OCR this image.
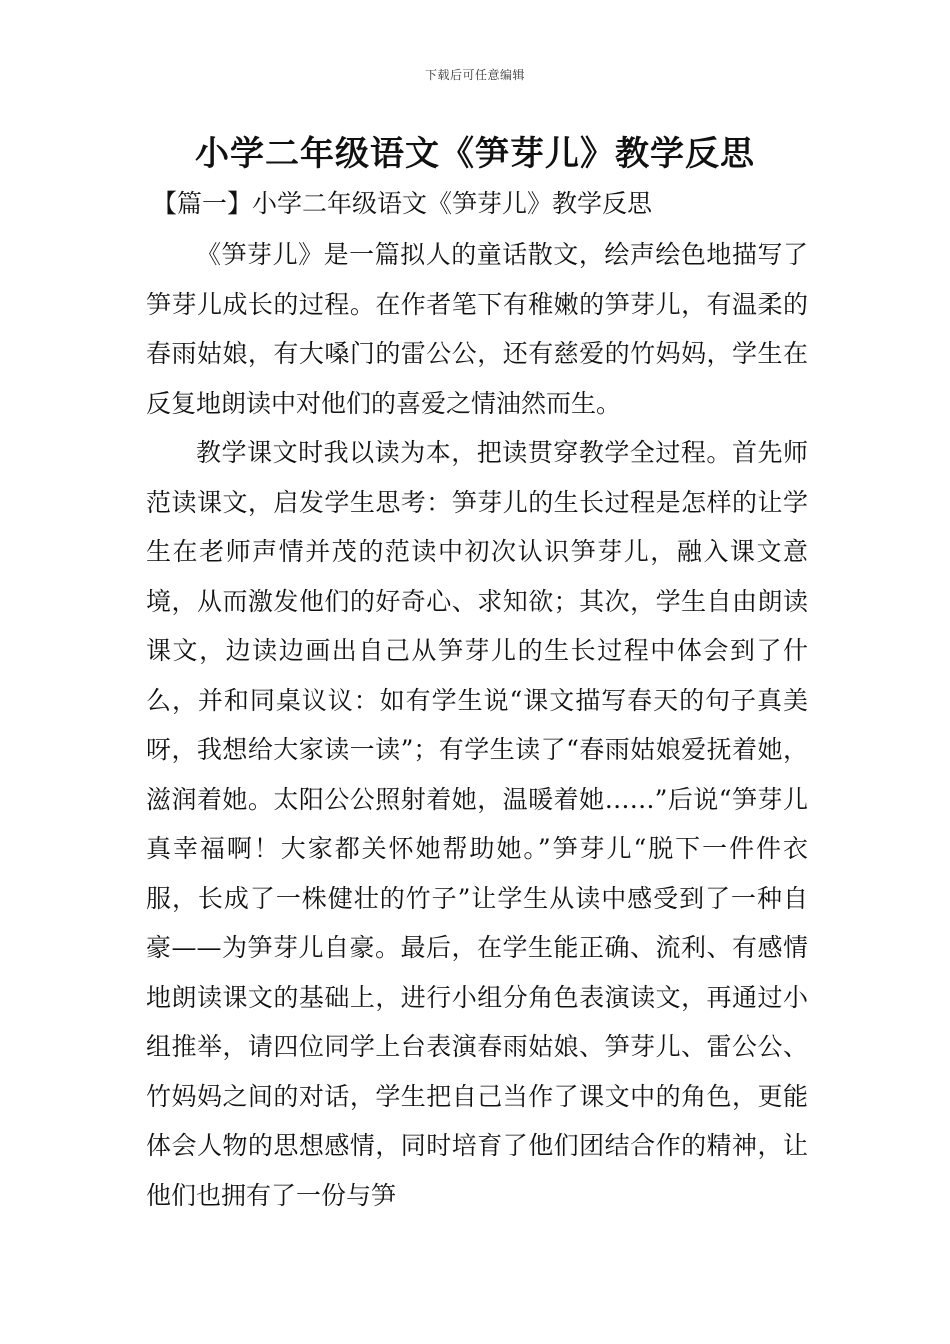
下载后可任意编辑
小学二年级语文《笋芽儿》教学反思
【篇一】小学二年级语文《笋芽儿》教学反思

《笋芽儿》是一篇拟人的童话散文，绘声绘色地描写了笋芽儿成长的过程。在作者笔下有稚嫩的笋芽儿，有温柔的春雨姑娘，有大嗓门的雷公公，还有慈爱的竹妈妈，学生在反复地朗读中对他们的喜爱之情油然而生。

教学课文时我以读为本，把读贯穿教学全过程。首先师范读课文，启发学生思考：笋芽儿的生长过程是怎样的让学生在老师声情并茂的范读中初次认识笋芽儿，融入课文意境，从而激发他们的好奇心、求知欲；其次，学生自由朗读课文，边读边画出自己从笋芽儿的生长过程中体会到了什么，并和同桌议议：如有学生说“课文描写春天的句子真美呀，我想给大家读一读”；有学生读了“春雨姑娘爱抚着她，滋润着她。太阳公公照射着她，温暖着她……”后说“笋芽儿真幸福啊！大家都关怀她帮助她。”笋芽儿“脱下一件件衣服，长成了一株健壮的竹子”让学生从读中感受到了一种自豪——为笋芽儿自豪。最后，在学生能正确、流利、有感情地朗读课文的基础上，进行小组分角色表演读文，再通过小组推举，请四位同学上台表演春雨姑娘、笋芽儿、雷公公、竹妈妈之间的对话，学生把自己当作了课文中的角色，更能体会人物的思想感情，同时培育了他们团结合作的精神，让他们也拥有了一份与笋
